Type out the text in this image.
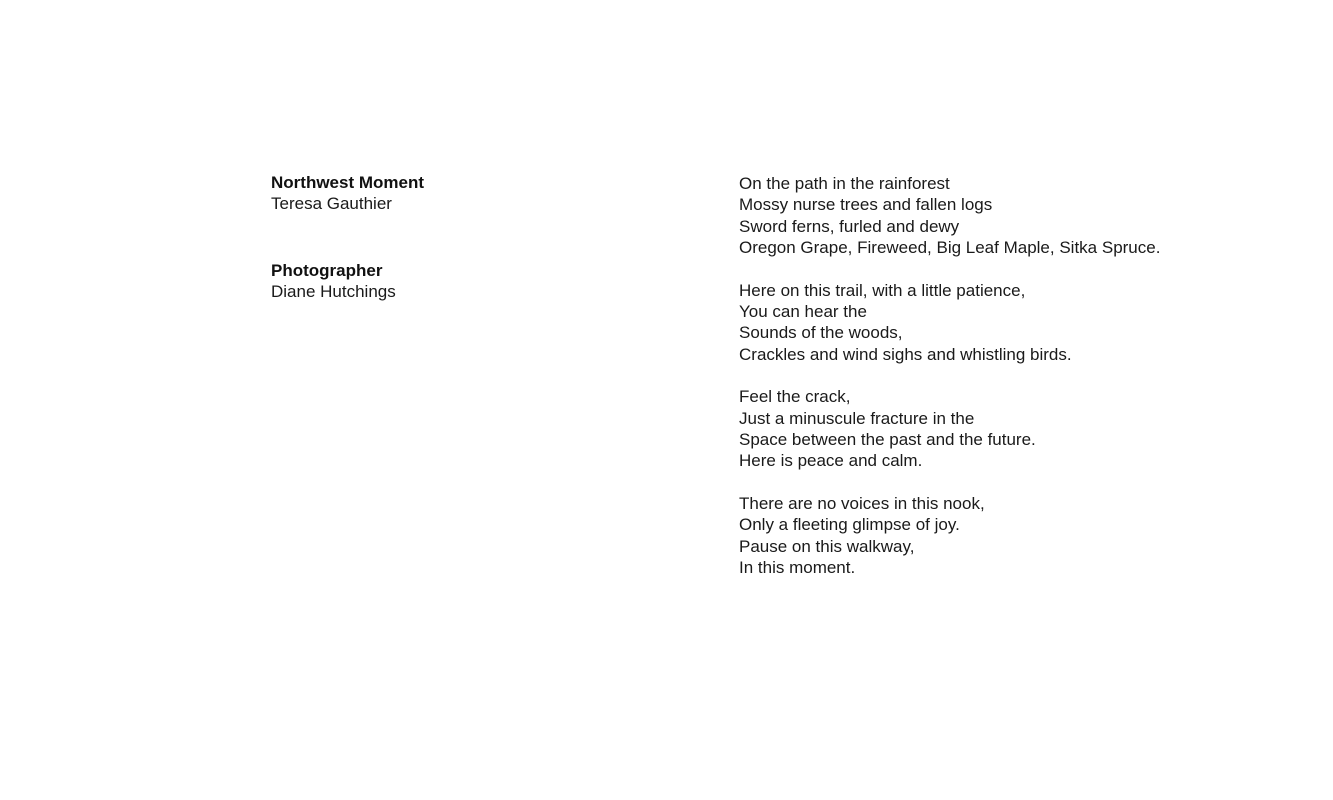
Northwest Moment
Teresa Gauthier
Photographer
Diane Hutchings
On the path in the rainforest
Mossy nurse trees and fallen logs
Sword ferns, furled and dewy
Oregon Grape, Fireweed, Big Leaf Maple, Sitka Spruce.
Here on this trail, with a little patience,
You can hear the
Sounds of the woods,
Crackles and wind sighs and whistling birds.
Feel the crack,
Just a minuscule fracture in the
Space between the past and the future.
Here is peace and calm.
There are no voices in this nook,
Only a fleeting glimpse of joy.
Pause on this walkway,
In this moment.
